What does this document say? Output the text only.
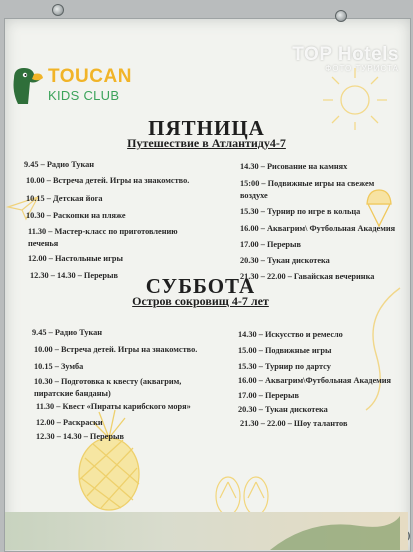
TOUCAN
KIDS CLUB
TOP Hotels
ФОТО ТУРИСТА
ПЯТНИЦА
Путешествие в Атлантиду4-7
9.45 – Радио Тукан
10.00 – Встреча детей. Игры на знакомство.
10.15 – Детская йога
10.30 – Раскопки на пляже
11.30 – Мастер-класс по приготовлению печенья
12.00 – Настольные игры
12.30 – 14.30 – Перерыв
14.30 – Рисование на камнях
15:00 – Подвижные игры на свежем воздухе
15.30 – Турнир по игре в кольца
16.00 – Аквагрим\ Футбольная Академия
17.00 – Перерыв
20.30 – Тукан дискотека
21.30 – 22.00 – Гавайская вечеринка
СУББОТА
Остров сокровищ 4-7 лет
9.45 – Радио Тукан
10.00 – Встреча детей. Игры на знакомство.
10.15 – Зумба
10.30 – Подготовка к квесту (аквагрим, пиратские банданы)
11.30 – Квест «Пираты карибского моря»
12.00 – Раскраски
12.30 – 14.30 – Перерыв
14.30 – Искусство и ремесло
15.00 – Подвижные игры
15.30 – Турнир по дартсу
16.00 – Аквагрим\Футбольная Академия
17.00 – Перерыв
20.30 – Тукан дискотека
21.30 – 22.00 – Шоу талантов
